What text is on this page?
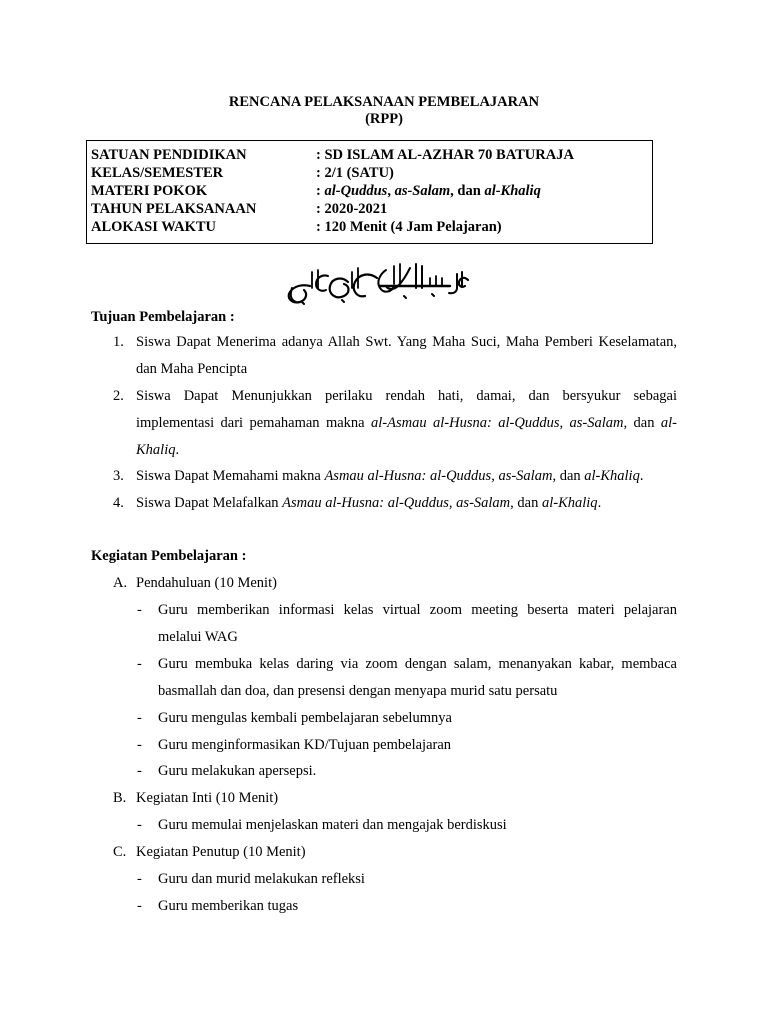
RENCANA PELAKSANAAN PEMBELAJARAN
(RPP)
SATUAN PENDIDIKAN	: SD ISLAM AL-AZHAR 70 BATURAJA
KELAS/SEMESTER	: 2/1 (SATU)
MATERI POKOK	: al-Quddus, as-Salam, dan al-Khaliq
TAHUN PELAKSANAAN	: 2020-2021
ALOKASI WAKTU	: 120 Menit (4 Jam Pelajaran)
Tujuan Pembelajaran :
1. Siswa Dapat Menerima adanya Allah Swt. Yang Maha Suci, Maha Pemberi Keselamatan,
dan Maha Pencipta
2. Siswa Dapat Menunjukkan perilaku rendah hati, damai, dan bersyukur sebagai
implementasi dari pemahaman makna al-Asmau al-Husna: al-Quddus, as-Salam, dan al-
Khaliq.
3. Siswa Dapat Memahami makna Asmau al-Husna: al-Quddus, as-Salam, dan al-Khaliq.
4. Siswa Dapat Melafalkan Asmau al-Husna: al-Quddus, as-Salam, dan al-Khaliq.
Kegiatan Pembelajaran :
A. Pendahuluan (10 Menit)
- Guru memberikan informasi kelas virtual zoom meeting beserta materi pelajaran
melalui WAG
- Guru membuka kelas daring via zoom dengan salam, menanyakan kabar, membaca
basmallah dan doa, dan presensi dengan menyapa murid satu persatu
- Guru mengulas kembali pembelajaran sebelumnya
- Guru menginformasikan KD/Tujuan pembelajaran
- Guru melakukan apersepsi.
B. Kegiatan Inti (10 Menit)
- Guru memulai menjelaskan materi dan mengajak berdiskusi
C. Kegiatan Penutup (10 Menit)
- Guru dan murid melakukan refleksi
- Guru memberikan tugas
